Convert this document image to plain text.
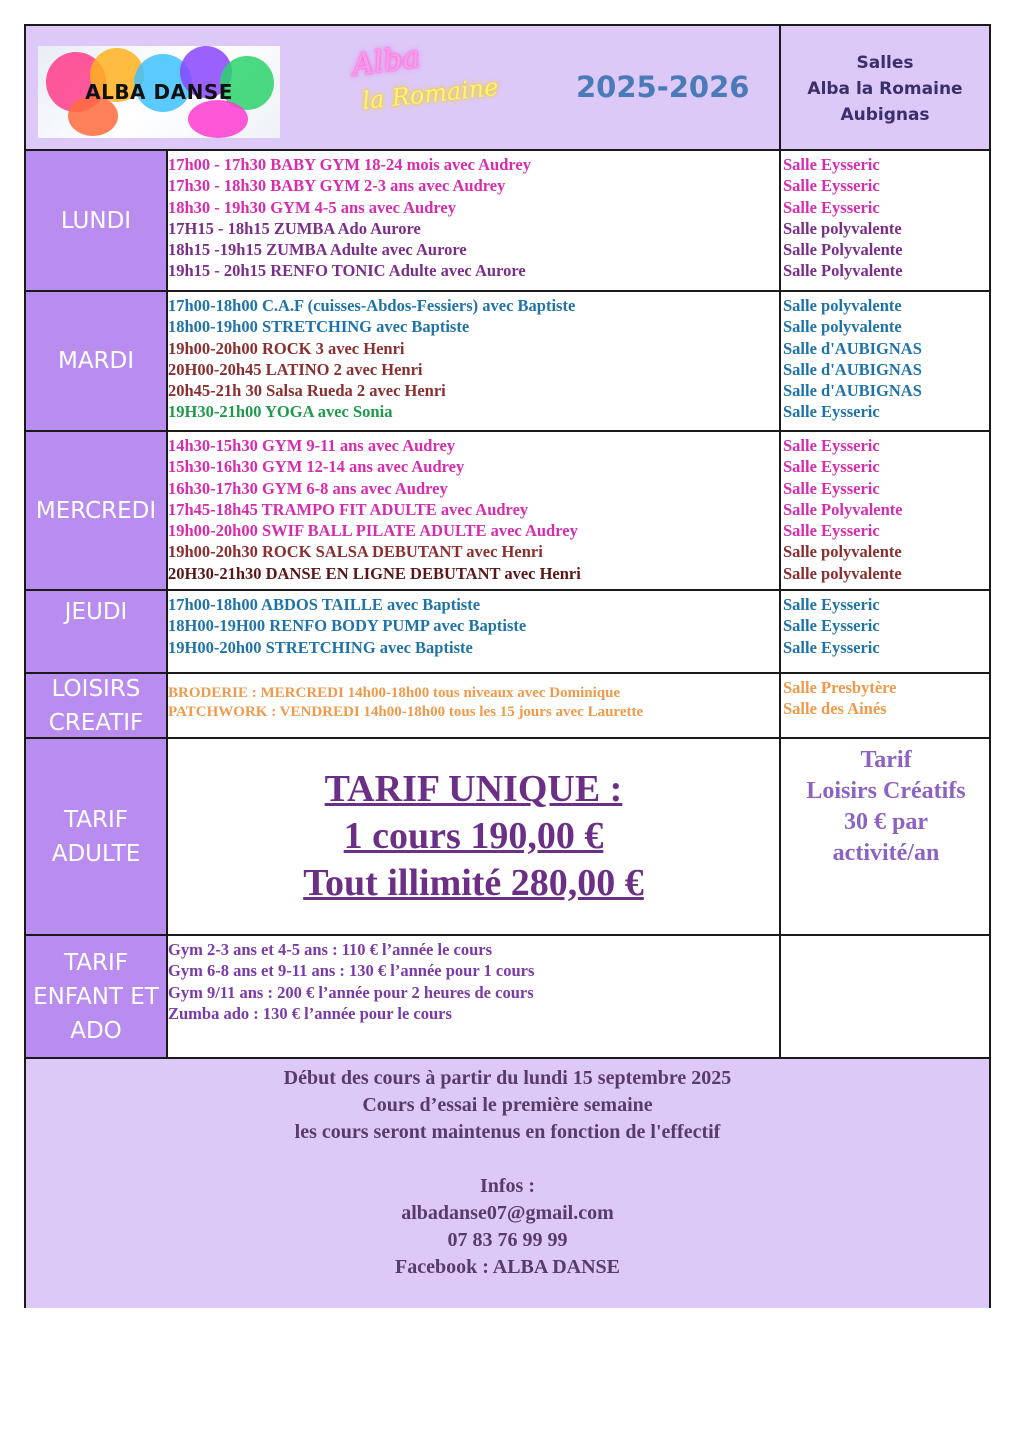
ALBA DANSE
Alba
la Romaine	2025-2026
Salles
Alba la Romaine
Aubignas
LUNDI
17h00 - 17h30 BABY GYM 18-24 mois avec Audrey
17h30 - 18h30 BABY GYM 2-3 ans avec Audrey
18h30 - 19h30 GYM 4-5 ans avec Audrey
17H15 - 18h15 ZUMBA Ado Aurore
18h15 -19h15 ZUMBA Adulte avec Aurore
19h15 - 20h15 RENFO TONIC Adulte avec Aurore
Salle Eysseric
Salle Eysseric
Salle Eysseric
Salle polyvalente
Salle Polyvalente
Salle Polyvalente
MARDI
17h00-18h00 C.A.F (cuisses-Abdos-Fessiers) avec Baptiste
18h00-19h00 STRETCHING avec Baptiste
19h00-20h00 ROCK 3 avec Henri
20H00-20h45 LATINO 2 avec Henri
20h45-21h 30 Salsa Rueda 2 avec Henri
19H30-21h00 YOGA avec Sonia
Salle polyvalente
Salle polyvalente
Salle d'AUBIGNAS
Salle d'AUBIGNAS
Salle d'AUBIGNAS
Salle Eysseric
MERCREDI
14h30-15h30 GYM 9-11 ans avec Audrey
15h30-16h30 GYM 12-14 ans avec Audrey
16h30-17h30 GYM 6-8 ans avec Audrey
17h45-18h45 TRAMPO FIT ADULTE avec Audrey
19h00-20h00 SWIF BALL PILATE ADULTE avec Audrey
19h00-20h30 ROCK SALSA DEBUTANT avec Henri
20H30-21h30 DANSE EN LIGNE DEBUTANT avec Henri
Salle Eysseric
Salle Eysseric
Salle Eysseric
Salle Polyvalente
Salle Eysseric
Salle polyvalente
Salle polyvalente
JEUDI	17h00-18h00 ABDOS TAILLE avec Baptiste
18H00-19H00 RENFO BODY PUMP avec Baptiste
19H00-20h00 STRETCHING avec Baptiste
Salle Eysseric
Salle Eysseric
Salle Eysseric
LOISIRS
CREATIF
BRODERIE : MERCREDI 14h00-18h00 tous niveaux avec Dominique
PATCHWORK : VENDREDI 14h00-18h00 tous les 15 jours avec Laurette
Salle Presbytère
Salle des Ainés
TARIF
ADULTE
TARIF UNIQUE :
1 cours 190,00 €
Tout illimité 280,00 €
Tarif
Loisirs Créatifs
30 € par
activité/an
TARIF
ENFANT ET
ADO
Gym 2-3 ans et 4-5 ans : 110 € l’année le cours
Gym 6-8 ans et 9-11 ans : 130 € l’année pour 1 cours
Gym 9/11 ans : 200 € l’année pour 2 heures de cours
Zumba ado : 130 € l’année pour le cours
Début des cours à partir du lundi 15 septembre 2025
Cours d’essai le première semaine
les cours seront maintenus en fonction de l'effectif
Infos :
albadanse07@gmail.com
07 83 76 99 99
Facebook : ALBA DANSE
